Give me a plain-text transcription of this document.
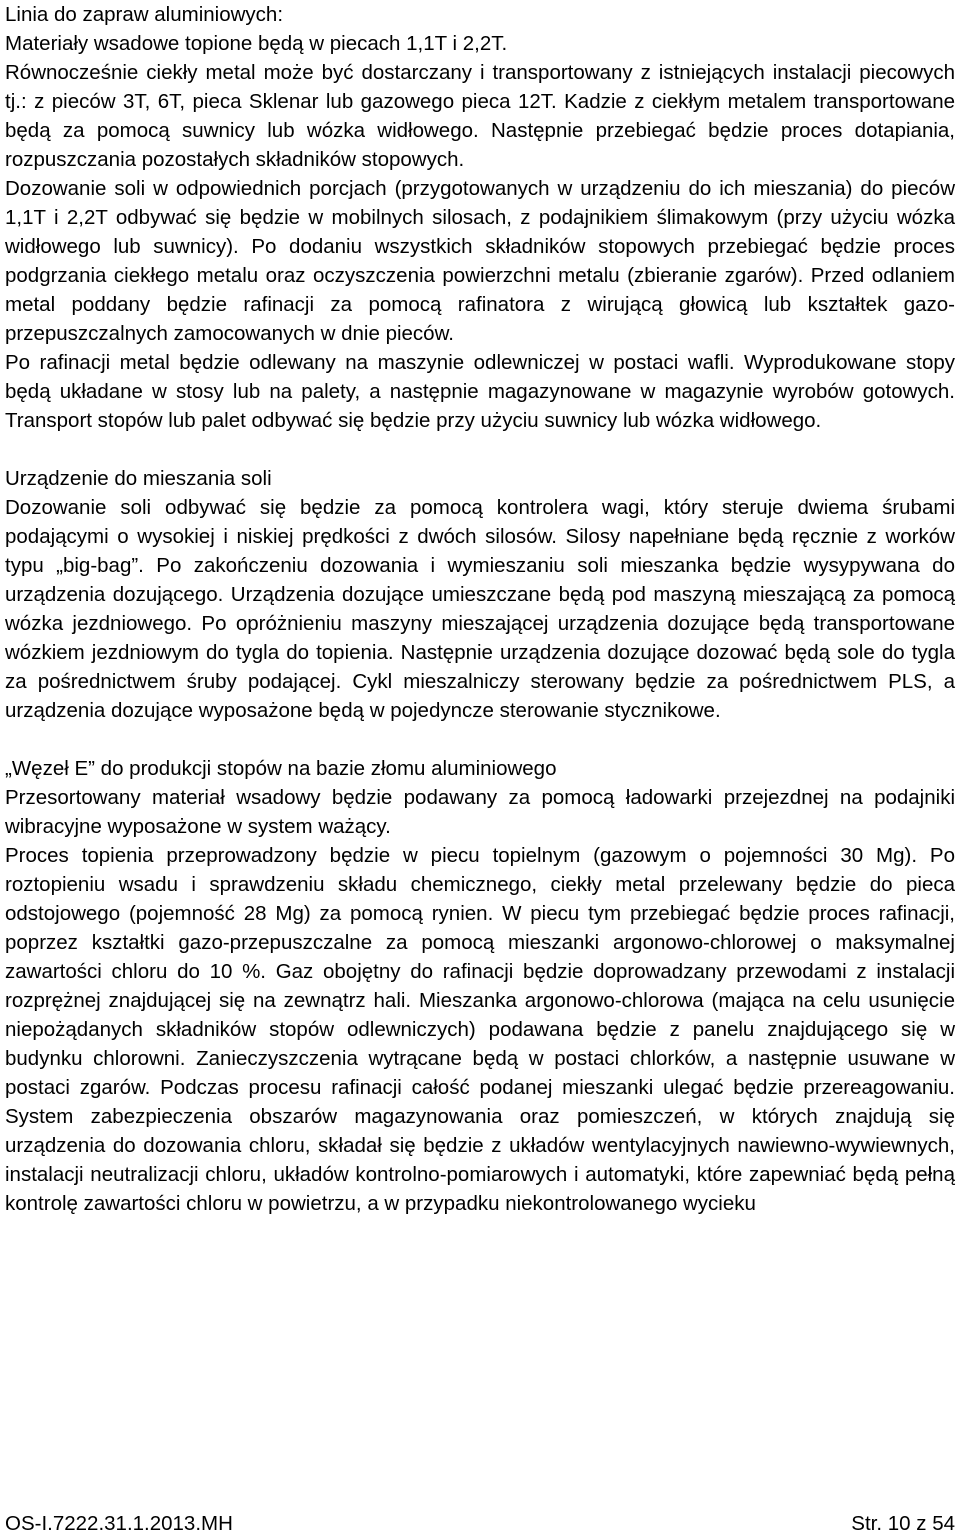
Linia do zapraw aluminiowych:

Materiały wsadowe topione będą w piecach 1,1T i 2,2T.

Równocześnie ciekły metal może być dostarczany i transportowany z istniejących instalacji piecowych tj.: z pieców 3T, 6T, pieca Sklenar lub gazowego pieca 12T. Kadzie z ciekłym metalem transportowane będą za pomocą suwnicy lub wózka widłowego. Następnie przebiegać będzie proces dotapiania, rozpuszczania pozostałych składników stopowych.

Dozowanie soli w odpowiednich porcjach (przygotowanych w urządzeniu do ich mieszania) do pieców 1,1T i 2,2T odbywać się będzie w mobilnych silosach, z podajnikiem ślimakowym (przy użyciu wózka widłowego lub suwnicy). Po dodaniu wszystkich składników stopowych przebiegać będzie proces podgrzania ciekłego metalu oraz oczyszczenia powierzchni metalu (zbieranie zgarów). Przed odlaniem metal poddany będzie rafinacji za pomocą rafinatora z wirującą głowicą lub kształtek gazo-przepuszczalnych zamocowanych w dnie pieców.

Po rafinacji metal będzie odlewany na maszynie odlewniczej w postaci wafli. Wyprodukowane stopy będą układane w stosy lub na palety, a następnie magazynowane w magazynie wyrobów gotowych. Transport stopów lub palet odbywać się będzie przy użyciu suwnicy lub wózka widłowego.

Urządzenie do mieszania soli

Dozowanie soli odbywać się będzie za pomocą kontrolera wagi, który steruje dwiema śrubami podającymi o wysokiej i niskiej prędkości z dwóch silosów. Silosy napełniane będą ręcznie z worków typu „big-bag”. Po zakończeniu dozowania i wymieszaniu soli mieszanka będzie wysypywana do urządzenia dozującego. Urządzenia dozujące umieszczane będą pod maszyną mieszającą za pomocą wózka jezdniowego. Po opróżnieniu maszyny mieszającej urządzenia dozujące będą transportowane wózkiem jezdniowym do tygla do topienia. Następnie urządzenia dozujące dozować będą sole do tygla za pośrednictwem śruby podającej. Cykl mieszalniczy sterowany będzie za pośrednictwem PLS, a urządzenia dozujące wyposażone będą w pojedyncze sterowanie stycznikowe.

„Węzeł E” do produkcji stopów na bazie złomu aluminiowego

Przesortowany materiał wsadowy będzie podawany za pomocą ładowarki przejezdnej na podajniki wibracyjne wyposażone w system ważący.

Proces topienia przeprowadzony będzie w piecu topielnym (gazowym o pojemności 30 Mg). Po roztopieniu wsadu i sprawdzeniu składu chemicznego, ciekły metal przelewany będzie do pieca odstojowego (pojemność 28 Mg) za pomocą rynien. W piecu tym przebiegać będzie proces rafinacji, poprzez kształtki gazo-przepuszczalne za pomocą mieszanki argonowo-chlorowej o maksymalnej zawartości chloru do 10 %. Gaz obojętny do rafinacji będzie doprowadzany przewodami z instalacji rozprężnej znajdującej się na zewnątrz hali. Mieszanka argonowo-chlorowa (mająca na celu usunięcie niepożądanych składników stopów odlewniczych) podawana będzie z panelu znajdującego się w budynku chlorowni. Zanieczyszczenia wytrącane będą w postaci chlorków, a następnie usuwane w postaci zgarów. Podczas procesu rafinacji całość podanej mieszanki ulegać będzie przereagowaniu. System zabezpieczenia obszarów magazynowania oraz pomieszczeń, w których znajdują się urządzenia do dozowania chloru, składał się będzie z układów wentylacyjnych nawiewno-wywiewnych, instalacji neutralizacji chloru, układów kontrolno-pomiarowych i automatyki, które zapewniać będą pełną kontrolę zawartości chloru w powietrzu, a w przypadku niekontrolowanego wycieku

OS-I.7222.31.1.2013.MH	Str. 10 z 54
